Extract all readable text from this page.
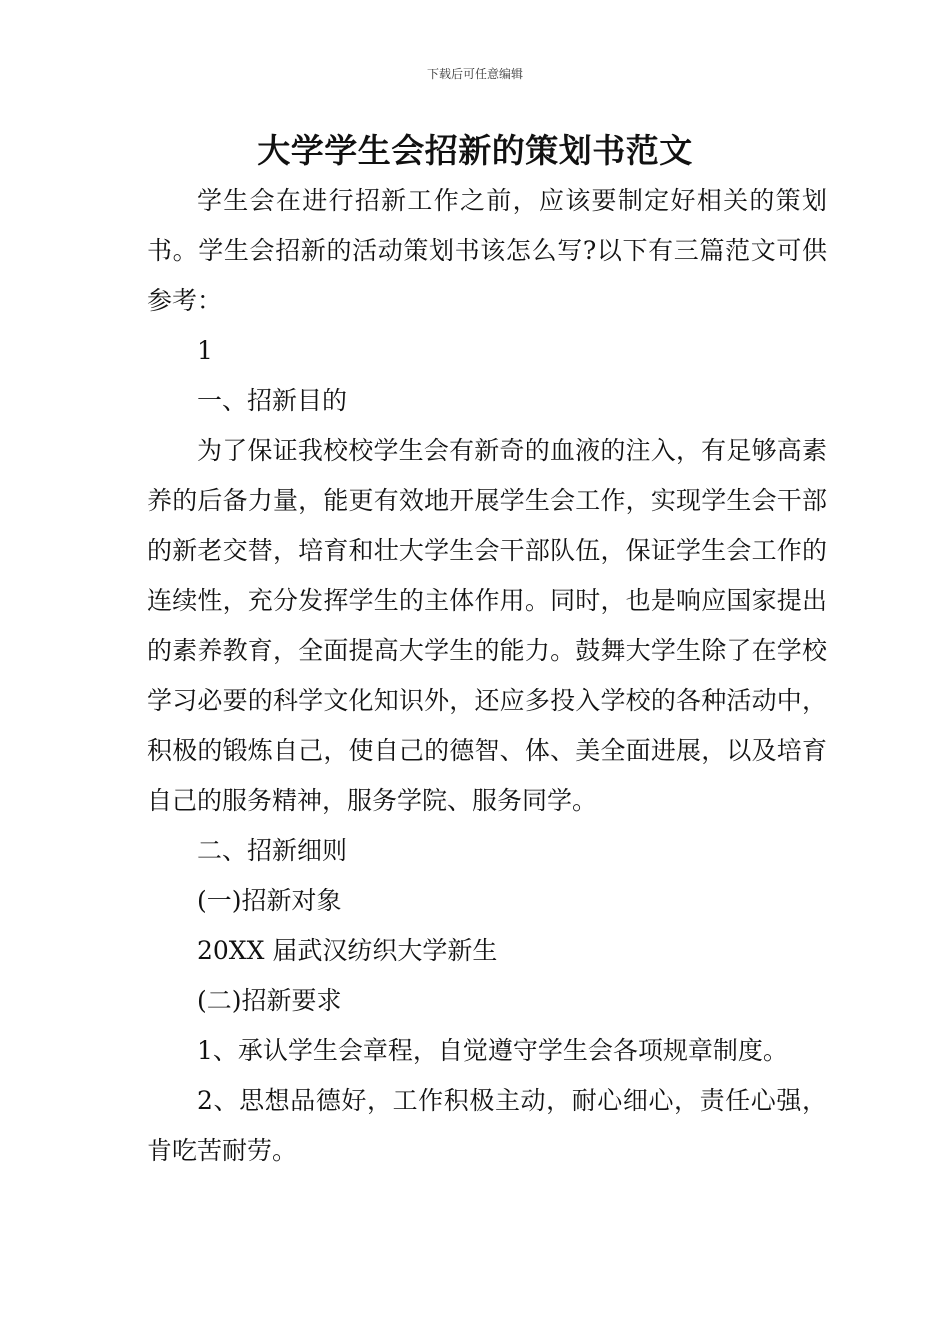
下载后可任意编辑
大学学生会招新的策划书范文

学生会在进行招新工作之前，应该要制定好相关的策划书。学生会招新的活动策划书该怎么写?以下有三篇范文可供参考：

1

一、招新目的

为了保证我校校学生会有新奇的血液的注入，有足够高素养的后备力量，能更有效地开展学生会工作，实现学生会干部的新老交替，培育和壮大学生会干部队伍，保证学生会工作的连续性，充分发挥学生的主体作用。同时，也是响应国家提出的素养教育，全面提高大学生的能力。鼓舞大学生除了在学校学习必要的科学文化知识外，还应多投入学校的各种活动中，积极的锻炼自己，使自己的德智、体、美全面进展，以及培育自己的服务精神，服务学院、服务同学。

二、招新细则

(一)招新对象

20XX 届武汉纺织大学新生

(二)招新要求

1、承认学生会章程，自觉遵守学生会各项规章制度。

2、思想品德好，工作积极主动，耐心细心，责任心强，肯吃苦耐劳。
